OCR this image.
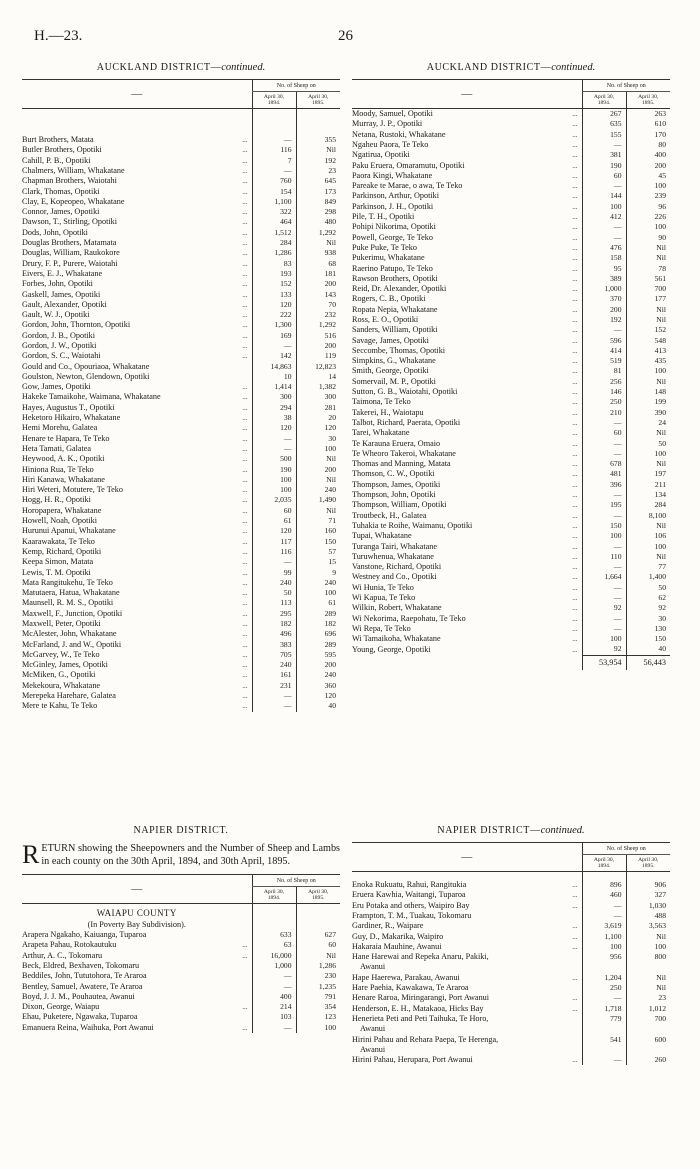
H.—23.	26
AUCKLAND DISTRICT—continued.
—		No. of Sheep on	
		April 30,
1894.	April 30,
1895.

Burt Brothers, Matata	...	—	355
Butler Brothers, Opotiki	...	116	Nil
Cahill, P. B., Opotiki	...	7	192
Chalmers, William, Whakatane	...	—	23
Chapman Brothers, Waiotahi	...	760	645
Clark, Thomas, Opotiki	...	154	173
Clay, E, Kopeopeo, Whakatane	...	1,100	849
Connor, James, Opotiki	...	322	298
Dawson, T., Stirling, Opotiki	...	464	480
Dods, John, Opotiki	...	1,512	1,292
Douglas Brothers, Matamata	...	284	Nil
Douglas, William, Raukokore	...	1,286	938
Drury, F. P., Purere, Waiotahi	...	83	68
Eivers, E. J., Whakatane	...	193	181
Forbes, John, Opotiki	...	152	200
Gaskell, James, Opotiki	...	133	143
Gault, Alexander, Opotiki	...	120	70
Gault, W. J., Opotiki	...	222	232
Gordon, John, Thornton, Opotiki	...	1,300	1,292
Gordon, J. B., Opotiki	...	169	516
Gordon, J. W., Opotiki	...	—	200
Gordon, S. C., Waiotahi	...	142	119
Gould and Co., Opouriaoa, Whakatane		14,863	12,823
Goulston, Newton, Glendown, Opotiki		10	14
Gow, James, Opotiki	...	1,414	1,382
Hakeke Tamaikohe, Waimana, Whakatane	...	300	300
Hayes, Augustus T., Opotiki	...	294	281
Heketoro Hikairo, Whakatane	...	38	20
Hemi Morehu, Galatea	...	120	120
Henare te Hapara, Te Teko	...	—	30
Heta Tamati, Galatea	...	—	100
Heywood, A. K., Opotiki	...	500	Nil
Hiniona Rua, Te Teko	...	190	200
Hiri Kanawa, Whakatane	...	100	Nil
Hiri Weteri, Motutere, Te Teko	...	100	240
Hogg, H. R., Opotiki	...	2,035	1,490
Horopapera, Whakatane	...	60	Nil
Howell, Noah, Opotiki	...	61	71
Hurunui Apanui, Whakatane	...	120	160
Kaarawakata, Te Teko	...	117	150
Kemp, Richard, Opotiki	...	116	57
Keepa Simon, Matata	...	—	15
Lewis, T. M. Opotiki	...	99	9
Mata Rangitukehu, Te Teko	...	240	240
Matutaera, Hatua, Whakatane	...	50	100
Maunsell, R. M. S., Opotiki	...	113	61
Maxwell, F., Junction, Opotiki	...	295	289
Maxwell, Peter, Opotiki	...	182	182
McAlester, John, Whakatane	...	496	696
McFarland, J. and W., Opotiki	...	383	289
McGarvey, W., Te Teko	...	705	595
McGinley, James, Opotiki	...	240	200
McMiken, G., Opotiki	...	161	240
Mekekoura, Whakatane	...	231	360
Merepeka Harehare, Galatea	...	—	120
Mere te Kahu, Te Teko	...	—	40
AUCKLAND DISTRICT—continued.
—		No. of Sheep on	
		April 30,
1894.	April 30,
1895.
Moody, Samuel, Opotiki	...	267	263
Murray, J. P., Opotiki	...	635	610
Netana, Rustoki, Whakatane	...	155	170
Ngaheu Paora, Te Teko	...	—	80
Ngatirua, Opotiki	...	381	400
Paku Eruera, Omaramutu, Opotiki	...	190	200
Paora Kingi, Whakatane	...	60	45
Pareake te Marae, o awa, Te Teko	...	—	100
Parkinson, Arthur, Opotiki	...	144	239
Parkinson, J. H., Opotiki	...	100	96
Pile, T. H., Opotiki	...	412	226
Pohipi Nikorima, Opotiki	...	—	100
Powell, George, Te Teko	...	—	90
Puke Puke, Te Teko	...	476	Nil
Pukerimu, Whakatane	...	158	Nil
Raerino Patupo, Te Teko	...	95	78
Rawson Brothers, Opotiki	...	389	561
Reid, Dr. Alexander, Opotiki	...	1,000	700
Rogers, C. B., Opotiki	...	370	177
Ropata Nepia, Whakatane	...	200	Nil
Ross, E. O., Opotiki	...	192	Nil
Sanders, William, Opotiki	...	—	152
Savage, James, Opotiki	...	596	548
Seccombe, Thomas, Opotiki	...	414	413
Simpkins, G., Whakatane	...	519	435
Smith, George, Opotiki	...	81	100
Somervail, M. P., Opotiki	...	256	Nil
Sutton, G. B., Waiotahi, Opotiki	...	146	148
Taimona, Te Teko	...	250	199
Takerei, H., Waiotapu	...	210	390
Talbot, Richard, Paerata, Opotiki	...	—	24
Tarei, Whakatane	...	60	Nil
Te Karauna Eruera, Omaio	...	—	50
Te Wheoro Takeroi, Whakatane	...	—	100
Thomas and Manning, Matata	...	678	Nil
Thomson, C. W., Opotiki	...	481	197
Thompson, James, Opotiki	...	396	211
Thompson, John, Opotiki	...	—	134
Thompson, William, Opotiki	...	195	284
Troutbeck, H., Galatea	...	—	8,100
Tuhakia te Roihe, Waimanu, Opotiki	...	150	Nil
Tupai, Whakatane	...	100	106
Turanga Tairi, Whakatane	...	—	100
Turuwhenua, Whakatane	...	110	Nil
Vanstone, Richard, Opotiki	...	—	77
Westney and Co., Opotiki	...	1,664	1,400
Wi Hunia, Te Teko	...	—	50
Wi Kapua, Te Teko	...	—	62
Wilkin, Robert, Whakatane	...	92	92
Wi Nekorima, Raepohatu, Te Teko	...	—	30
Wi Repa, Te Teko	...	—	130
Wi Tamaikoha, Whakatane	...	100	150
Young, George, Opotiki	...	92	40
		53,954	56,443
NAPIER DISTRICT.
RETURN showing the Sheepowners and the Number of Sheep and Lambs in each county on the 30th April, 1894, and 30th April, 1895.
—		No. of Sheep on	
		April 30,
1894.	April 30,
1895.
WAIAPU COUNTY			
(In Poverty Bay Subdivision).			
Arapera Ngakaho, Kaiuanga, Tuparoa		633	627
Arapeta Pahau, Rotokautuku	...	63	60
Arthur, A. C., Tokomaru	...	16,000	Nil
Beck, Eldred, Bexhaven, Tokomaru		1,000	1,286
Beddiles, John, Tututohora, Te Araroa		—	230
Bentley, Samuel, Awatere, Te Araroa		—	1,235
Boyd, J. J. M., Pouhautea, Awanui		400	791
Dixon, George, Waiapu	...	214	354
Ehau, Puketere, Ngawaka, Tuparoa		103	123
Emanuera Reina, Waihuka, Port Awanui	...	—	100
NAPIER DISTRICT—continued.
—		No. of Sheep on	
		April 30,
1894.	April 30,
1895.

Enoka Rukuatu, Rahui, Rangitukia	...	896	906
Eruera Kawhia, Waitangi, Tuparoa	...	460	327
Eru Potaka and others, Waipiro Bay	...	—	1,030
Frampton, T. M., Tuakau, Tokomaru		—	488
Gardiner, R., Waipare	...	3,619	3,563
Guy, D., Makarika, Waipiro	...	1,100	Nil
Hakaraia Mauhine, Awanui	...	100	100
Hane Harewai and Repeka Anaru, Pakiki,		956	800
Awanui			
Hape Haerewa, Parakau, Awanui	...	1,204	Nil
Hare Paehia, Kawakawa, Te Araroa		250	Nil
Henare Raroa, Miringarangi, Port Awanui	...	—	23
Henderson, E. H., Matakaoa, Hicks Bay	...	1,718	1,012
Henerieta Peti and Peti Taihuka, Te Horo,		779	700
Awanui			
Hirini Pahau and Rehara Paepa, Te Herenga,		541	600
Awanui			
Hirini Pahau, Herupara, Port Awanui	...	—	260
